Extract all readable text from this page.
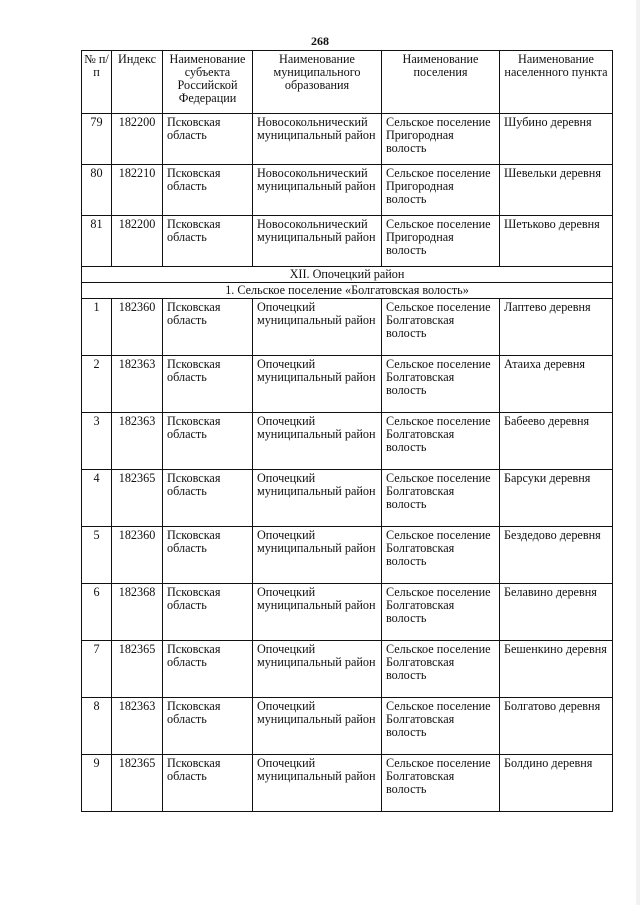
268
№ п/п	Индекс	Наименование субъекта Российской Федерации	Наименование муниципального образования	Наименование поселения	Наименование населенного пункта
79	182200	Псковская область	Новосокольнический муниципальный район	Сельское поселение Пригородная волость	Шубино деревня
80	182210	Псковская область	Новосокольнический муниципальный район	Сельское поселение Пригородная волость	Шевельки деревня
81	182200	Псковская область	Новосокольнический муниципальный район	Сельское поселение Пригородная волость	Шетьково деревня
XII. Опочецкий район					
1. Сельское поселение «Болгатовская волость»					
1	182360	Псковская область	Опочецкий муниципальный район	Сельское поселение Болгатовская волость	Лаптево деревня
2	182363	Псковская область	Опочецкий муниципальный район	Сельское поселение Болгатовская волость	Атаиха деревня
3	182363	Псковская область	Опочецкий муниципальный район	Сельское поселение Болгатовская волость	Бабеево деревня
4	182365	Псковская область	Опочецкий муниципальный район	Сельское поселение Болгатовская волость	Барсуки деревня
5	182360	Псковская область	Опочецкий муниципальный район	Сельское поселение Болгатовская волость	Бездедово деревня
6	182368	Псковская область	Опочецкий муниципальный район	Сельское поселение Болгатовская волость	Белавино деревня
7	182365	Псковская область	Опочецкий муниципальный район	Сельское поселение Болгатовская волость	Бешенкино деревня
8	182363	Псковская область	Опочецкий муниципальный район	Сельское поселение Болгатовская волость	Болгатово деревня
9	182365	Псковская область	Опочецкий муниципальный район	Сельское поселение Болгатовская волость	Болдино деревня
